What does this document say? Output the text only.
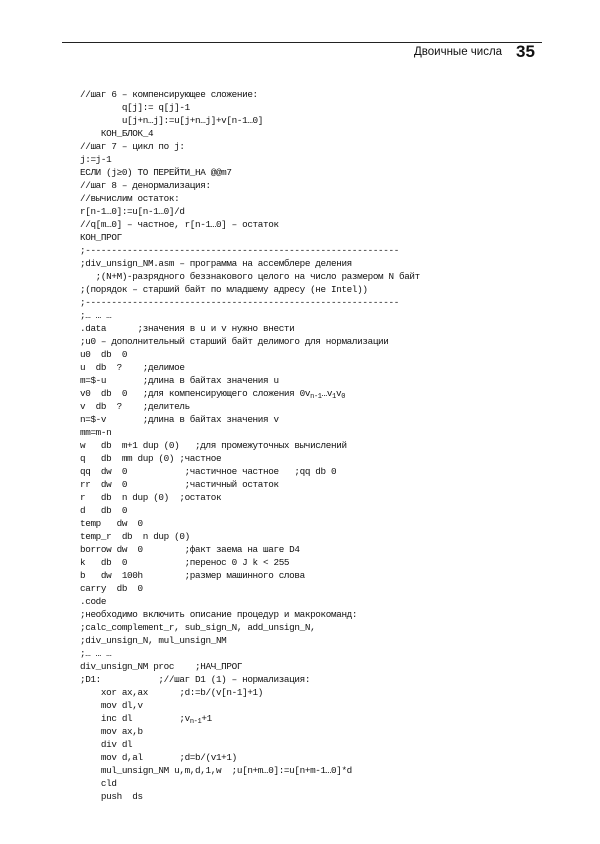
Двоичные числа 35
//шаг 6 – компенсирующее сложение:
q[j]:= q[j]-1
u[j+n…j]:=u[j+n…j]+v[n-1…0]
КОН_БЛОК_4
//шаг 7 – цикл по j:
j:=j-1
ЕСЛИ (j≥0) ТО ПЕРЕЙТИ_НА @@m7
//шаг 8 – денормализация:
//вычислим остаток:
r[n-1…0]:=u[n-1…0]/d
//q[m…0] – частное, r[n-1…0] – остаток
КОН_ПРОГ
;------------------------------------------------------------
;div_unsign_NM.asm – программа на ассемблере деления
;(N+M)-разрядного беззнакового целого на число размером N байт
;(порядок – старший байт по младшему адресу (не Intel))
;------------------------------------------------------------
;… … …
.data      ;значения в u и v нужно внести
;u0 – дополнительный старший байт делимого для нормализации
u0  db  0
u  db  ?    ;делимое
m=$-u       ;длина в байтах значения u
v0  db  0   ;для компенсирующего сложения $0v_{n-1}\dots v_1v_0$
v  db  ?    ;делитель
n=$-v       ;длина в байтах значения v
mm=m-n
w   db  m+1 dup (0)   ;для промежуточных вычислений
q   db  mm dup (0) ;частное
qq  dw  0           ;частичное частное   ;qq db 0
rr  dw  0           ;частичный остаток
r   db  n dup (0)  ;остаток
d   db  0
temp   dw  0
temp_r  db  n dup (0)
borrow dw  0        ;факт заема на шаге D4
k   db  0           ;перенос 0 J k < 255
b   dw  100h        ;размер машинного слова
carry  db  0
.code
;необходимо включить описание процедур и макрокоманд:
;calc_complement_r, sub_sign_N, add_unsign_N,
;div_unsign_N, mul_unsign_NM
;… … …
div_unsign_NM proc    ;НАЧ_ПРОГ
;D1:           ;//шаг D1 (1) – нормализация:
xor ax,ax      ;d:=b/(v[n-1]+1)
mov dl,v
inc dl         $;v_{n-1}+1$
mov ax,b
div dl
mov d,al       ;d=b/(v1+1)
mul_unsign_NM u,m,d,1,w  ;u[n+m…0]:=u[n+m-1…0]*d
cld
push  ds
